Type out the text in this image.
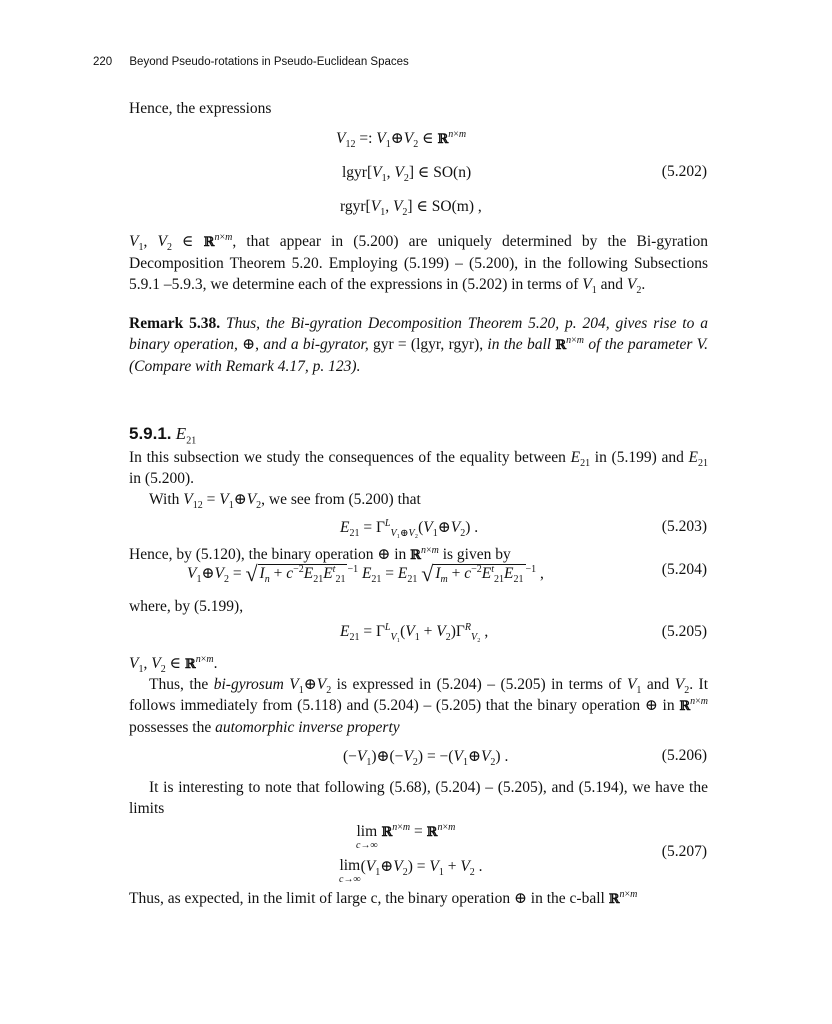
220 Beyond Pseudo-rotations in Pseudo-Euclidean Spaces
Hence, the expressions
$V_{12}$ =: $V_1\oplus V_2$ ∈ ℝ$^{n\times m}$
$lgyr[V_1$, $V_2$] ∈ SO(n)	(5.202)
$rgyr[V_1$, $V_2$] ∈ SO(m) ,
$V_1$, $V_2$ ∈ ℝ$^{n\times m}$, that appear in (5.200) are uniquely determined by the Bi-gyration Decomposition Theorem 5.20. Employing (5.199) – (5.200), in the following Subsections 5.9.1 –5.9.3, we determine each of the expressions in (5.202) in terms of $V_1$ and $V_2$.
Remark 5.38. Thus, the Bi-gyration Decomposition Theorem 5.20, p. 204, gives rise to a binary operation, ⊕, and a bi-gyrator, gyr = (lgyr, rgyr), in the ball ℝ$^{n\times m}$ of the parameter V. (Compare with Remark 4.17, p. 123).
5.9.1. $E_{21}$
In this subsection we study the consequences of the equality between $E_{21}$ in (5.199) and $E_{21}$ in (5.200).
With $V_{12}$ = $V_1\oplus V_2$, we see from (5.200) that
$E_{21}$ = $\Gamma^L_{V_1\oplus V_2}(V_1\oplus V_2)$ .	(5.203)
Hence, by (5.120), the binary operation ⊕ in ℝ$^{n\times m}$ is given by
$V_1\oplus V_2$ = √ $I_n + c^{-2}E_{21}E^t_{21}^{-1}$ $E_{21} = E_{21}$ √ $I_m + c^{-2}E^t_{21}E_{21}^{-1}$ ,	(5.204)
where, by (5.199),
$E_{21} = \Gamma^L_{V_1}(V_1 + V_2)\Gamma^R_{V_2}$ ,	(5.205)
$V_1$, $V_2$ ∈ ℝ$^{n\times m}$.
Thus, the bi-gyrosum $V_1\oplus V_2$ is expressed in (5.204) – (5.205) in terms of $V_1$ and $V_2$. It follows immediately from (5.118) and (5.204) – (5.205) that the binary operation ⊕ in ℝ$^{n\times m}$ possesses the automorphic inverse property
$(-V_1)\oplus(-V_2)$ = $-(V_1\oplus V_2)$ .	(5.206)
It is interesting to note that following (5.68), (5.204) – (5.205), and (5.194), we have the limits
lim
c→∞
ℝ$^{n\times m}$ = ℝ$^{n\times m}$
(5.207)
lim
c→∞
$(V_1\oplus V_2) = V_1 + V_2$ .
Thus, as expected, in the limit of large c, the binary operation ⊕ in the c-ball ℝ$^{n\times m}$
